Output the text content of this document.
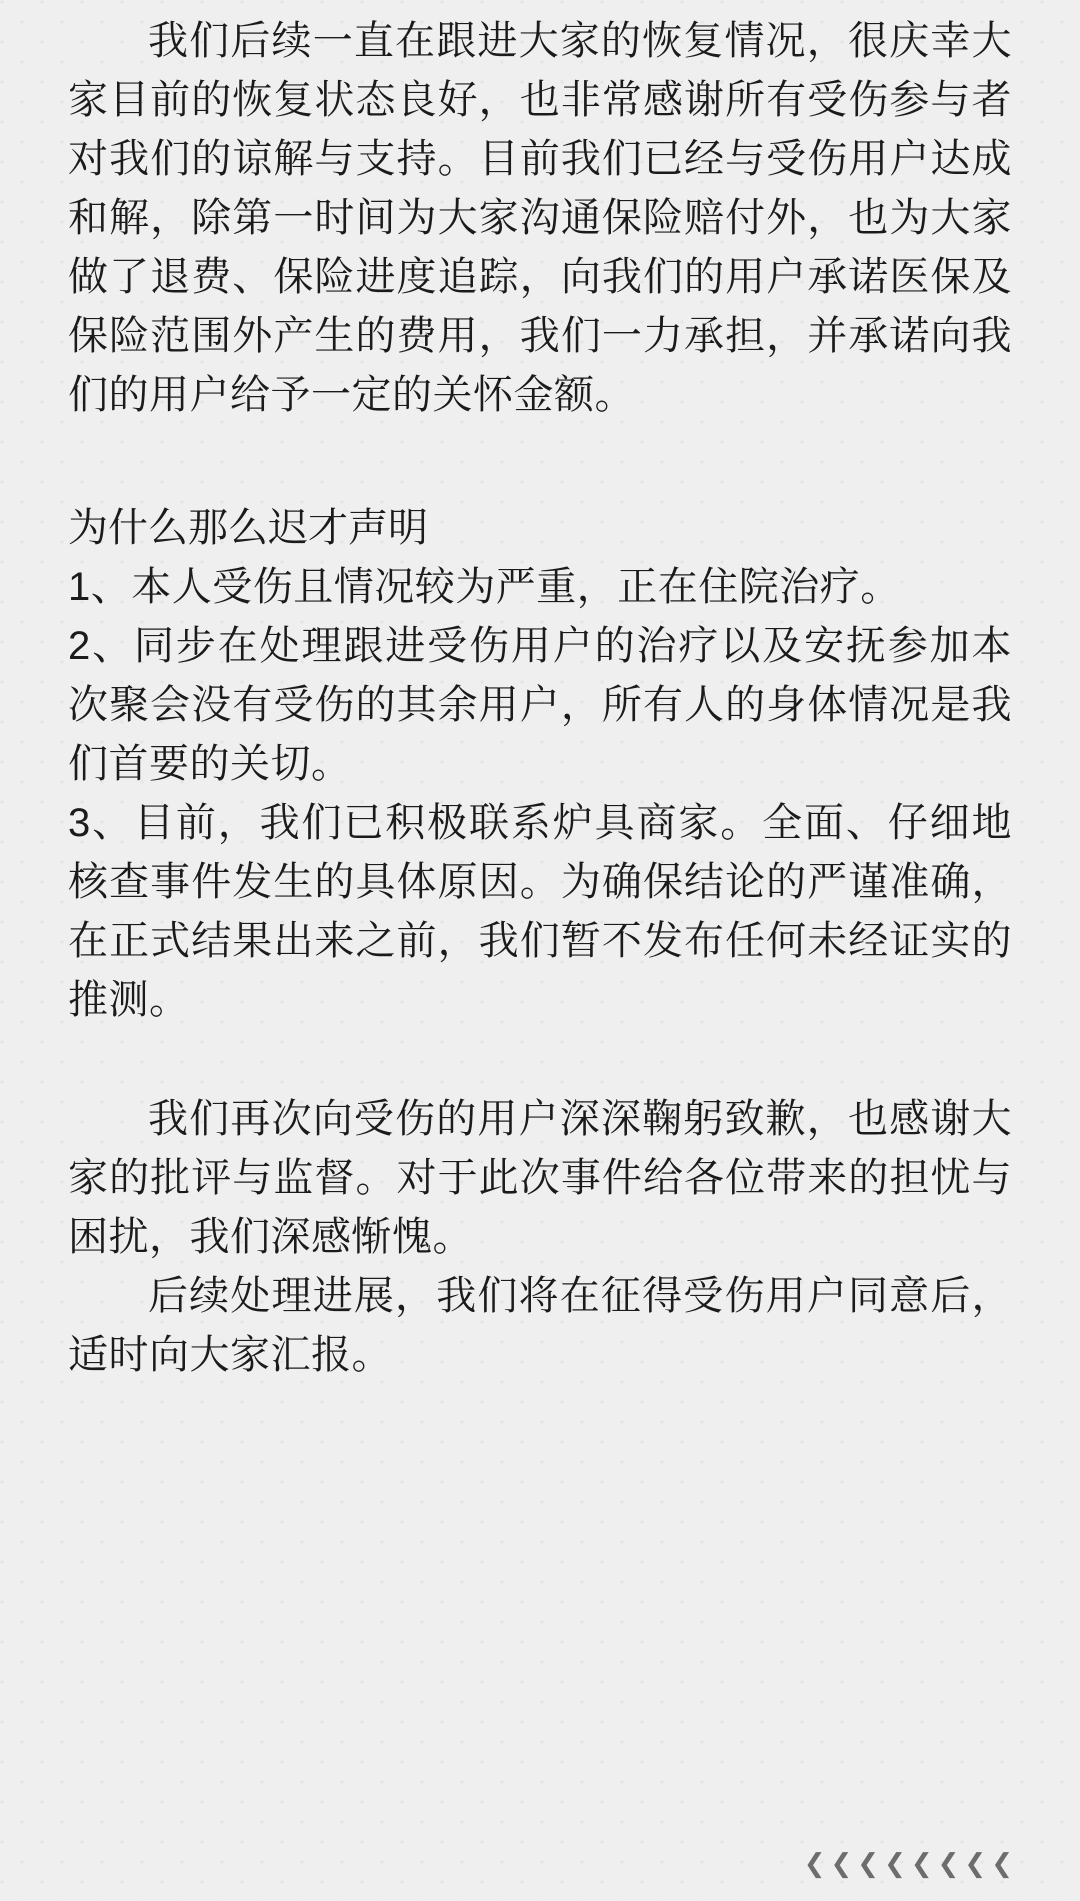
我们后续一直在跟进大家的恢复情况，很庆幸大家目前的恢复状态良好，也非常感谢所有受伤参与者对我们的谅解与支持。目前我们已经与受伤用户达成和解，除第一时间为大家沟通保险赔付外，也为大家做了退费、保险进度追踪，向我们的用户承诺医保及保险范围外产生的费用，我们一力承担，并承诺向我们的用户给予一定的关怀金额。

为什么那么迟才声明

1、本人受伤且情况较为严重，正在住院治疗。

2、同步在处理跟进受伤用户的治疗以及安抚参加本次聚会没有受伤的其余用户，所有人的身体情况是我们首要的关切。

3、目前，我们已积极联系炉具商家。全面、仔细地核查事件发生的具体原因。为确保结论的严谨准确，在正式结果出来之前，我们暂不发布任何未经证实的推测。

我们再次向受伤的用户深深鞠躬致歉，也感谢大家的批评与监督。对于此次事件给各位带来的担忧与困扰，我们深感惭愧。

后续处理进展，我们将在征得受伤用户同意后，适时向大家汇报。

❮❮❮❮❮❮❮❮
